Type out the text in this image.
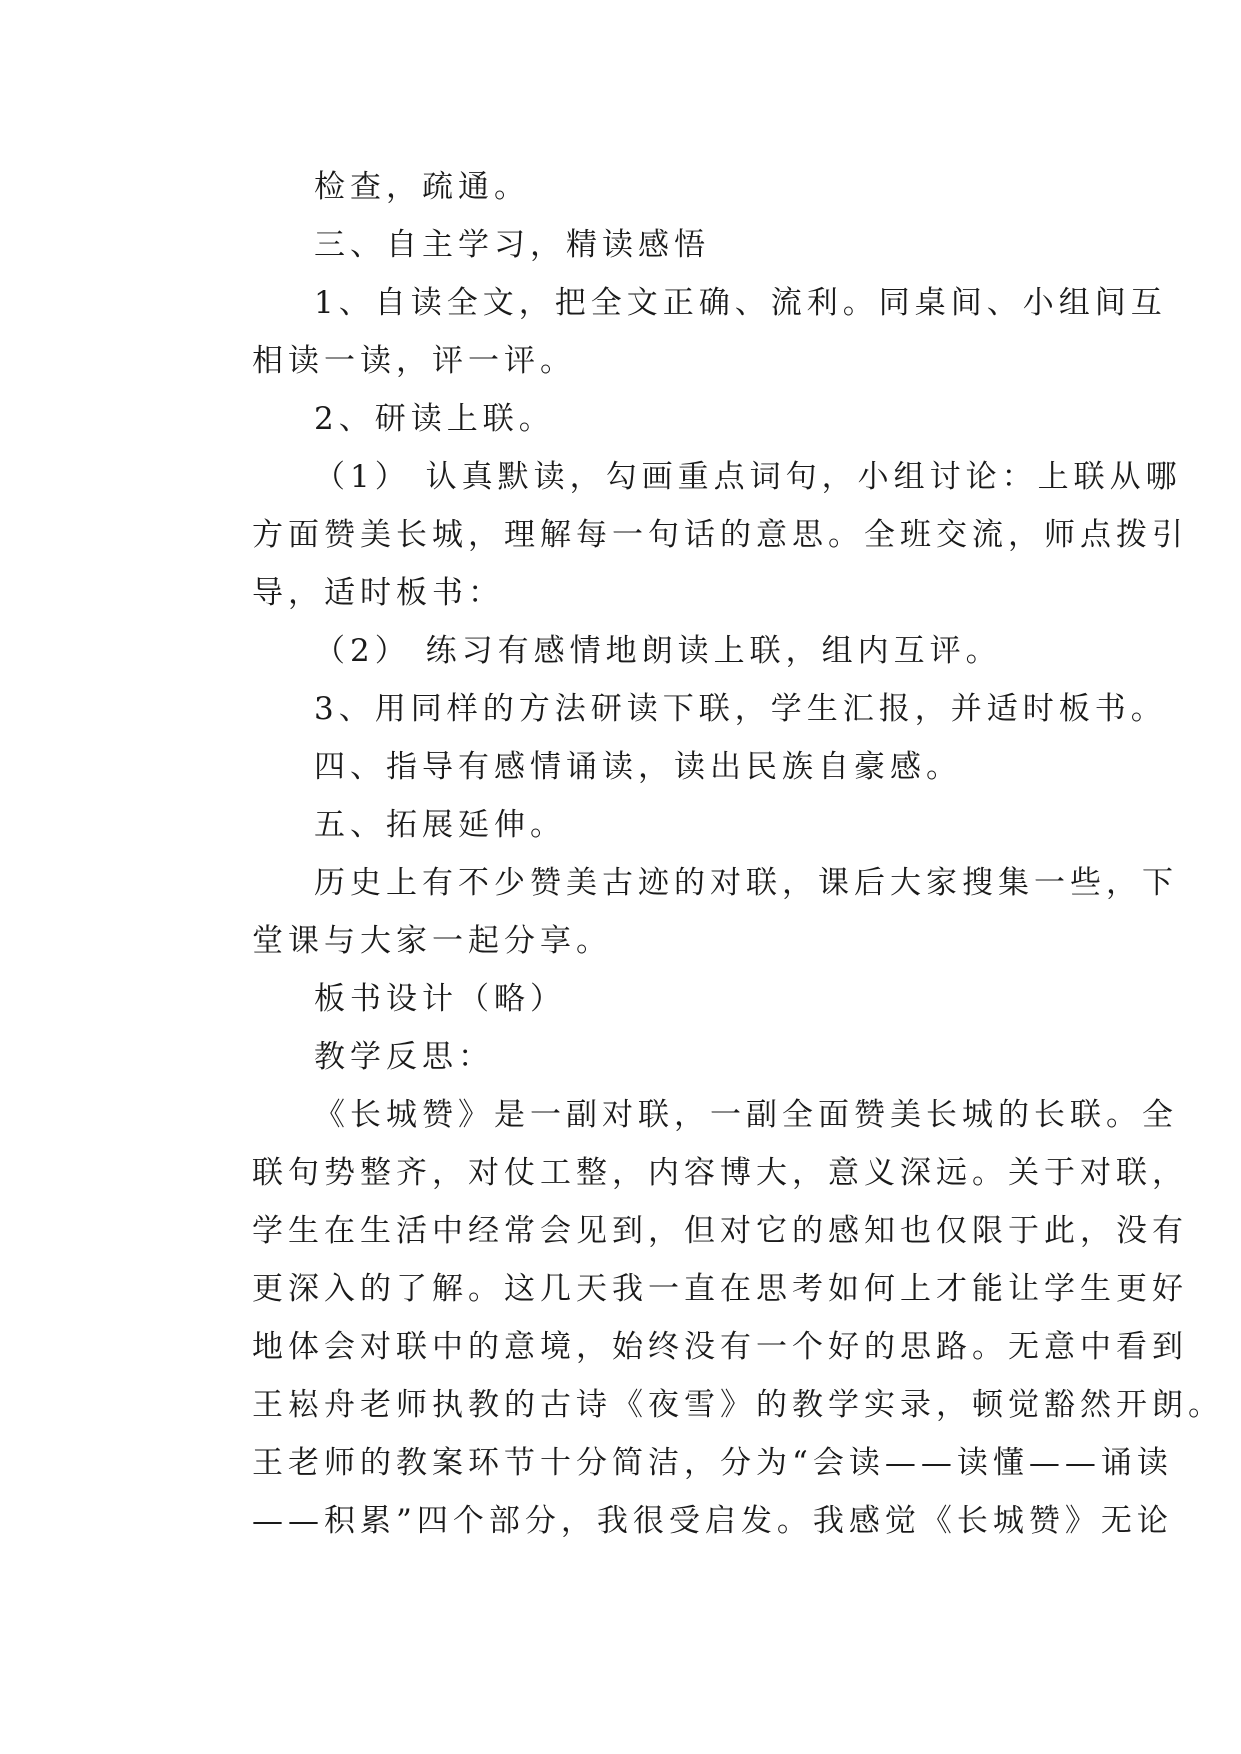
检查，疏通。
三、自主学习，精读感悟
1、自读全文，把全文正确、流利。同桌间、小组间互
相读一读，评一评。
2、研读上联。
（1） 认真默读，勾画重点词句，小组讨论：上联从哪
方面赞美长城，理解每一句话的意思。全班交流，师点拨引
导，适时板书：
（2） 练习有感情地朗读上联，组内互评。
3、用同样的方法研读下联，学生汇报，并适时板书。
四、指导有感情诵读，读出民族自豪感。
五、拓展延伸。
历史上有不少赞美古迹的对联，课后大家搜集一些，下
堂课与大家一起分享。
板书设计（略）
教学反思：
《长城赞》是一副对联，一副全面赞美长城的长联。全
联句势整齐，对仗工整，内容博大，意义深远。关于对联，
学生在生活中经常会见到，但对它的感知也仅限于此，没有
更深入的了解。这几天我一直在思考如何上才能让学生更好
地体会对联中的意境，始终没有一个好的思路。无意中看到
王崧舟老师执教的古诗《夜雪》的教学实录，顿觉豁然开朗。
王老师的教案环节十分简洁，分为“会读——读懂——诵读
——积累”四个部分，我很受启发。我感觉《长城赞》无论
